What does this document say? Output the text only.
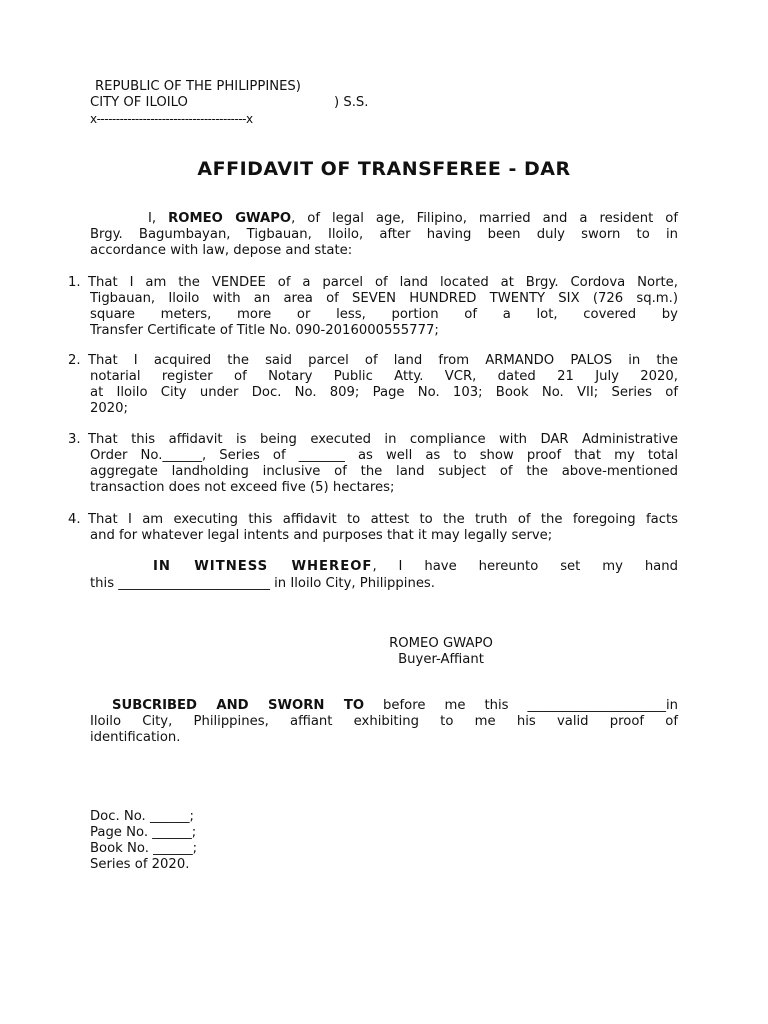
REPUBLIC OF THE PHILIPPINES)
CITY OF ILOILO	) S.S.
x---------------------------------------x
AFFIDAVIT OF TRANSFEREE - DAR
I, ROMEO GWAPO, of legal age, Filipino, married and a resident of
Brgy. Bagumbayan, Tigbauan, Iloilo, after having been duly sworn to in
accordance with law, depose and state:
1. That I am the VENDEE of a parcel of land located at Brgy. Cordova Norte,
Tigbauan, Iloilo with an area of SEVEN HUNDRED TWENTY SIX (726 sq.m.)
square meters, more or less, portion of a lot, covered by
Transfer Certificate of Title No. 090-2016000555777;
2. That I acquired the said parcel of land from ARMANDO PALOS in the
notarial register of Notary Public Atty. VCR, dated 21 July 2020,
at Iloilo City under Doc. No. 809; Page No. 103; Book No. VII; Series of
2020;
3. That this affidavit is being executed in compliance with DAR Administrative
Order No.______, Series of _______ as well as to show proof that my total
aggregate landholding inclusive of the land subject of the above-mentioned
transaction does not exceed five (5) hectares;
4. That I am executing this affidavit to attest to the truth of the foregoing facts
and for whatever legal intents and purposes that it may legally serve;
IN WITNESS WHEREOF, I have hereunto set my hand
this _______________________ in Iloilo City, Philippines.
ROMEO GWAPO
Buyer-Affiant
SUBCRIBED AND SWORN TO before me this _____________________in
Iloilo City, Philippines, affiant exhibiting to me his valid proof of
identification.
Doc. No. ______;
Page No. ______;
Book No. ______;
Series of 2020.
